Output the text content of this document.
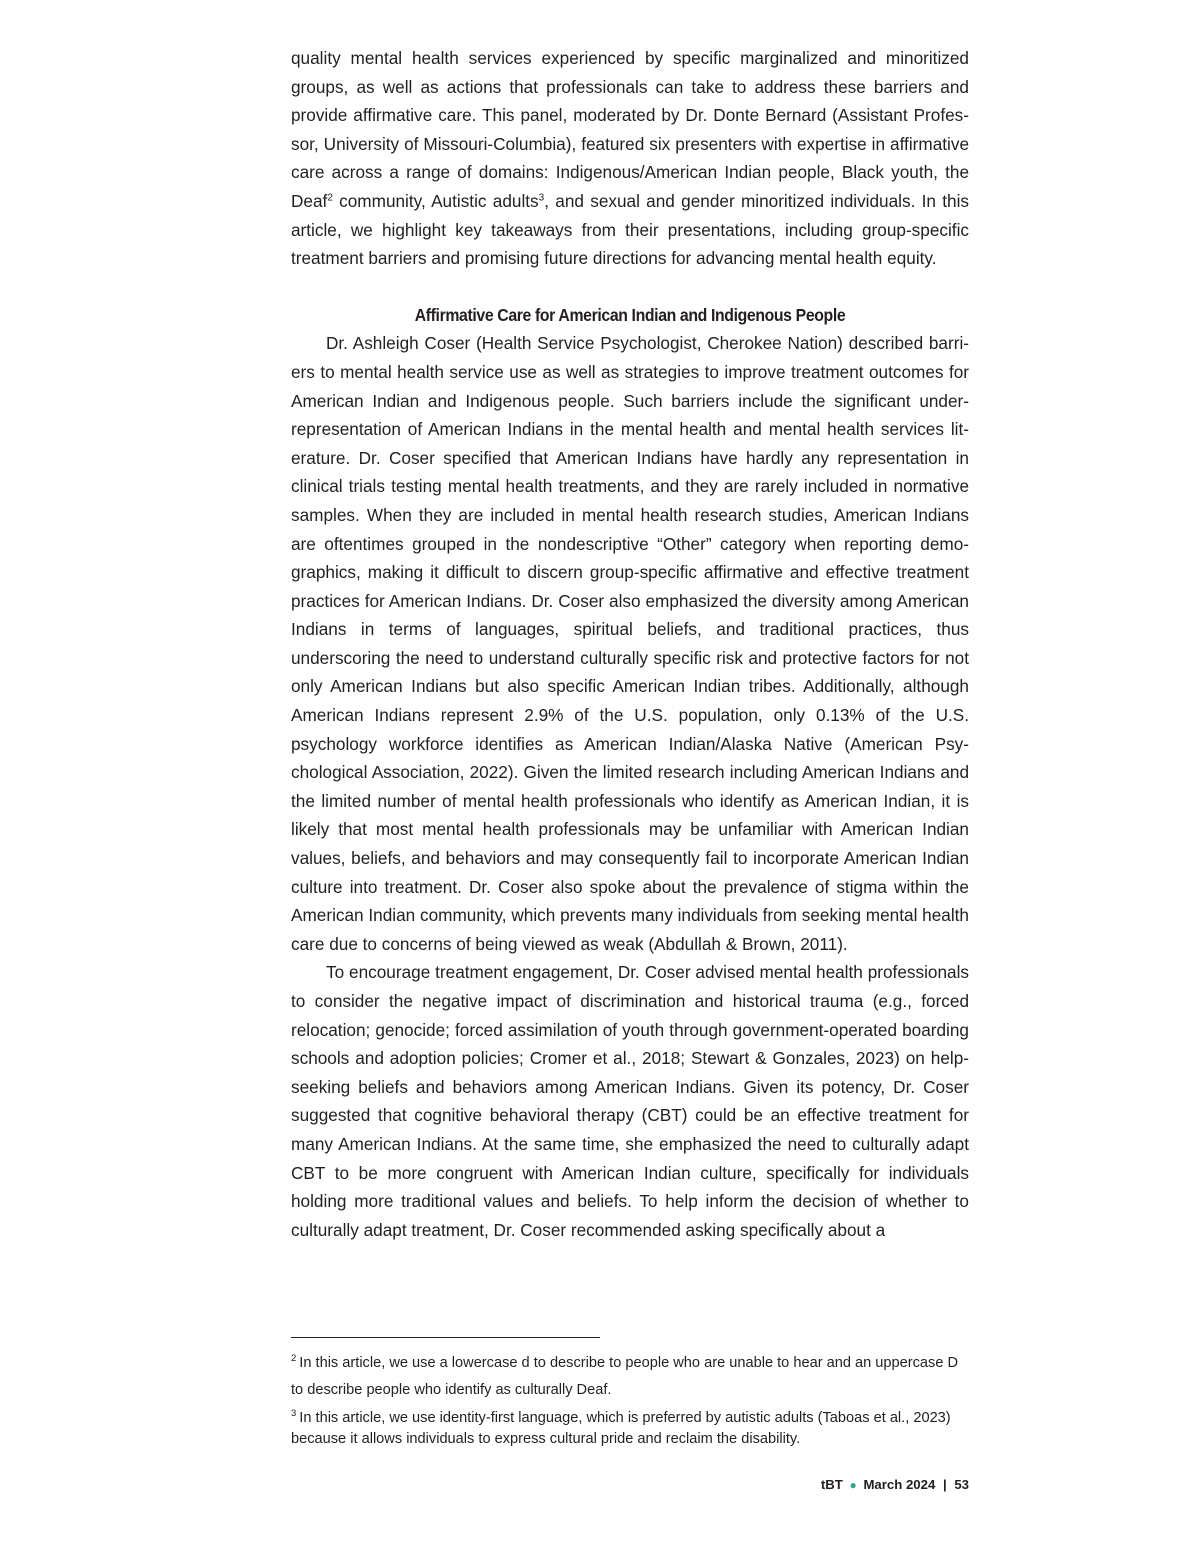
quality mental health services experienced by specific marginalized and minoritized groups, as well as actions that professionals can take to address these barriers and provide affirmative care. This panel, moderated by Dr. Donte Bernard (Assistant Professor, University of Missouri-Columbia), featured six presenters with expertise in affirmative care across a range of domains: Indigenous/American Indian people, Black youth, the Deaf$^2$ community, Autistic adults$^3$, and sexual and gender minoritized individuals. In this article, we highlight key takeaways from their presentations, including group-specific treatment barriers and promising future directions for advancing mental health equity.

Affirmative Care for American Indian and Indigenous People

Dr. Ashleigh Coser (Health Service Psychologist, Cherokee Nation) described barriers to mental health service use as well as strategies to improve treatment outcomes for American Indian and Indigenous people. Such barriers include the significant under-representation of American Indians in the mental health and mental health services literature. Dr. Coser specified that American Indians have hardly any representation in clinical trials testing mental health treatments, and they are rarely included in normative samples. When they are included in mental health research studies, American Indians are oftentimes grouped in the nondescriptive “Other” category when reporting demographics, making it difficult to discern group-specific affirmative and effective treatment practices for American Indians. Dr. Coser also emphasized the diversity among American Indians in terms of languages, spiritual beliefs, and traditional practices, thus underscoring the need to understand culturally specific risk and protective factors for not only American Indians but also specific American Indian tribes. Additionally, although American Indians represent 2.9% of the U.S. population, only 0.13% of the U.S. psychology workforce identifies as American Indian/Alaska Native (American Psychological Association, 2022). Given the limited research including American Indians and the limited number of mental health professionals who identify as American Indian, it is likely that most mental health professionals may be unfamiliar with American Indian values, beliefs, and behaviors and may consequently fail to incorporate American Indian culture into treatment. Dr. Coser also spoke about the prevalence of stigma within the American Indian community, which prevents many individuals from seeking mental health care due to concerns of being viewed as weak (Abdullah & Brown, 2011).

To encourage treatment engagement, Dr. Coser advised mental health professionals to consider the negative impact of discrimination and historical trauma (e.g., forced relocation; genocide; forced assimilation of youth through government-operated boarding schools and adoption policies; Cromer et al., 2018; Stewart & Gonzales, 2023) on help-seeking beliefs and behaviors among American Indians. Given its potency, Dr. Coser suggested that cognitive behavioral therapy (CBT) could be an effective treatment for many American Indians. At the same time, she emphasized the need to culturally adapt CBT to be more congruent with American Indian culture, specifically for individuals holding more traditional values and beliefs. To help inform the decision of whether to culturally adapt treatment, Dr. Coser recommended asking specifically about a

$^2$ In this article, we use a lowercase d to describe to people who are unable to hear and an uppercase D to describe people who identify as culturally Deaf.

$^3$ In this article, we use identity-first language, which is preferred by autistic adults (Taboas et al., 2023) because it allows individuals to express cultural pride and reclaim the disability.

tBT ● March 2024 | 53
